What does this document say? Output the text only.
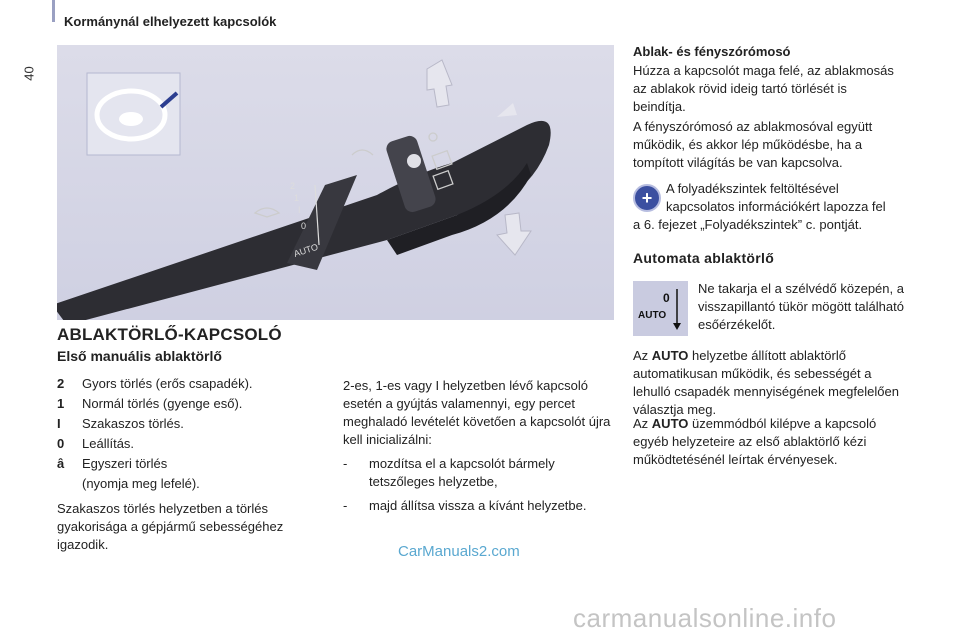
40
Kormánynál elhelyezett kapcsolók
AUTO
0
I
1
2
ABLAKTÖRLŐ-KAPCSOLÓ
Első manuális ablaktörlő
2	Gyors törlés (erős csapadék).
1	Normál törlés (gyenge eső).
I	Szakaszos törlés.
0	Leállítás.
â	Egyszeri törlés
(nyomja meg lefelé).
Szakaszos törlés helyzetben a törlés gyakorisága a gépjármű sebességéhez igazodik.

2-es, 1-es vagy I helyzetben lévő kapcsoló esetén a gyújtás valamennyi, egy percet meghaladó levételét követően a kapcsolót újra kell inicializálni:

-	mozdítsa el a kapcsolót bármely tetszőleges helyzetbe,
-	majd állítsa vissza a kívánt helyzetbe.
Ablak- és fényszórómosó
Húzza a kapcsolót maga felé, az ablakmosás az ablakok rövid ideig tartó törlését is beindítja.
A fényszórómosó az ablakmosóval együtt működik, és akkor lép működésbe, ha a tompított világítás be van kapcsolva.
+	A folyadékszintek feltöltésével kapcsolatos információkért lapozza fel
a 6. fejezet „Folyadékszintek” c. pontját.
Automata ablaktörlő
0
AUTO
Ne takarja el a szélvédő közepén, a visszapillantó tükör mögött található esőérzékelőt.
Az AUTO helyzetbe állított ablaktörlő automatikusan működik, és sebességét a lehulló csapadék mennyiségének megfelelően választja meg.
Az AUTO üzemmódból kilépve a kapcsoló egyéb helyzeteire az első ablaktörlő kézi működtetésénél leírtak érvényesek.
CarManuals2.com
carmanualsonline.info
